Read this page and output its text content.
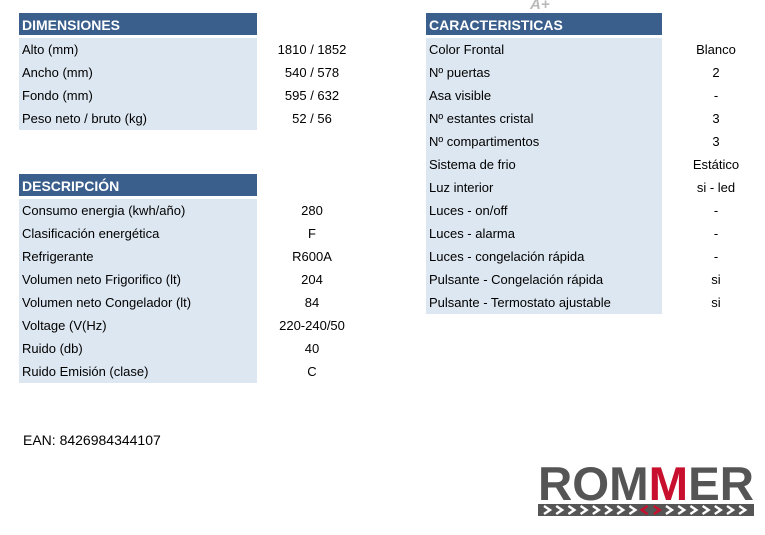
A+
DIMENSIONES
Alto (mm)	1810 / 1852
Ancho (mm)	540 / 578
Fondo (mm)	595 / 632
Peso neto / bruto (kg)	52 / 56
DESCRIPCIÓN
Consumo energia (kwh/año)	280
Clasificación energética	F
Refrigerante	R600A
Volumen neto Frigorifico (lt)	204
Volumen neto Congelador (lt)	84
Voltage (V(Hz)	220-240/50
Ruido (db)	40
Ruido Emisión (clase)	C
CARACTERISTICAS
Color Frontal	Blanco
Nº puertas	2
Asa visible	-
Nº estantes cristal	3
Nº compartimentos	3
Sistema de frio	Estático
Luz interior	si - led
Luces - on/off	-
Luces - alarma	-
Luces - congelación rápida	-
Pulsante - Congelación rápida	si
Pulsante - Termostato ajustable	si
EAN: 8426984344107
ROMMER
